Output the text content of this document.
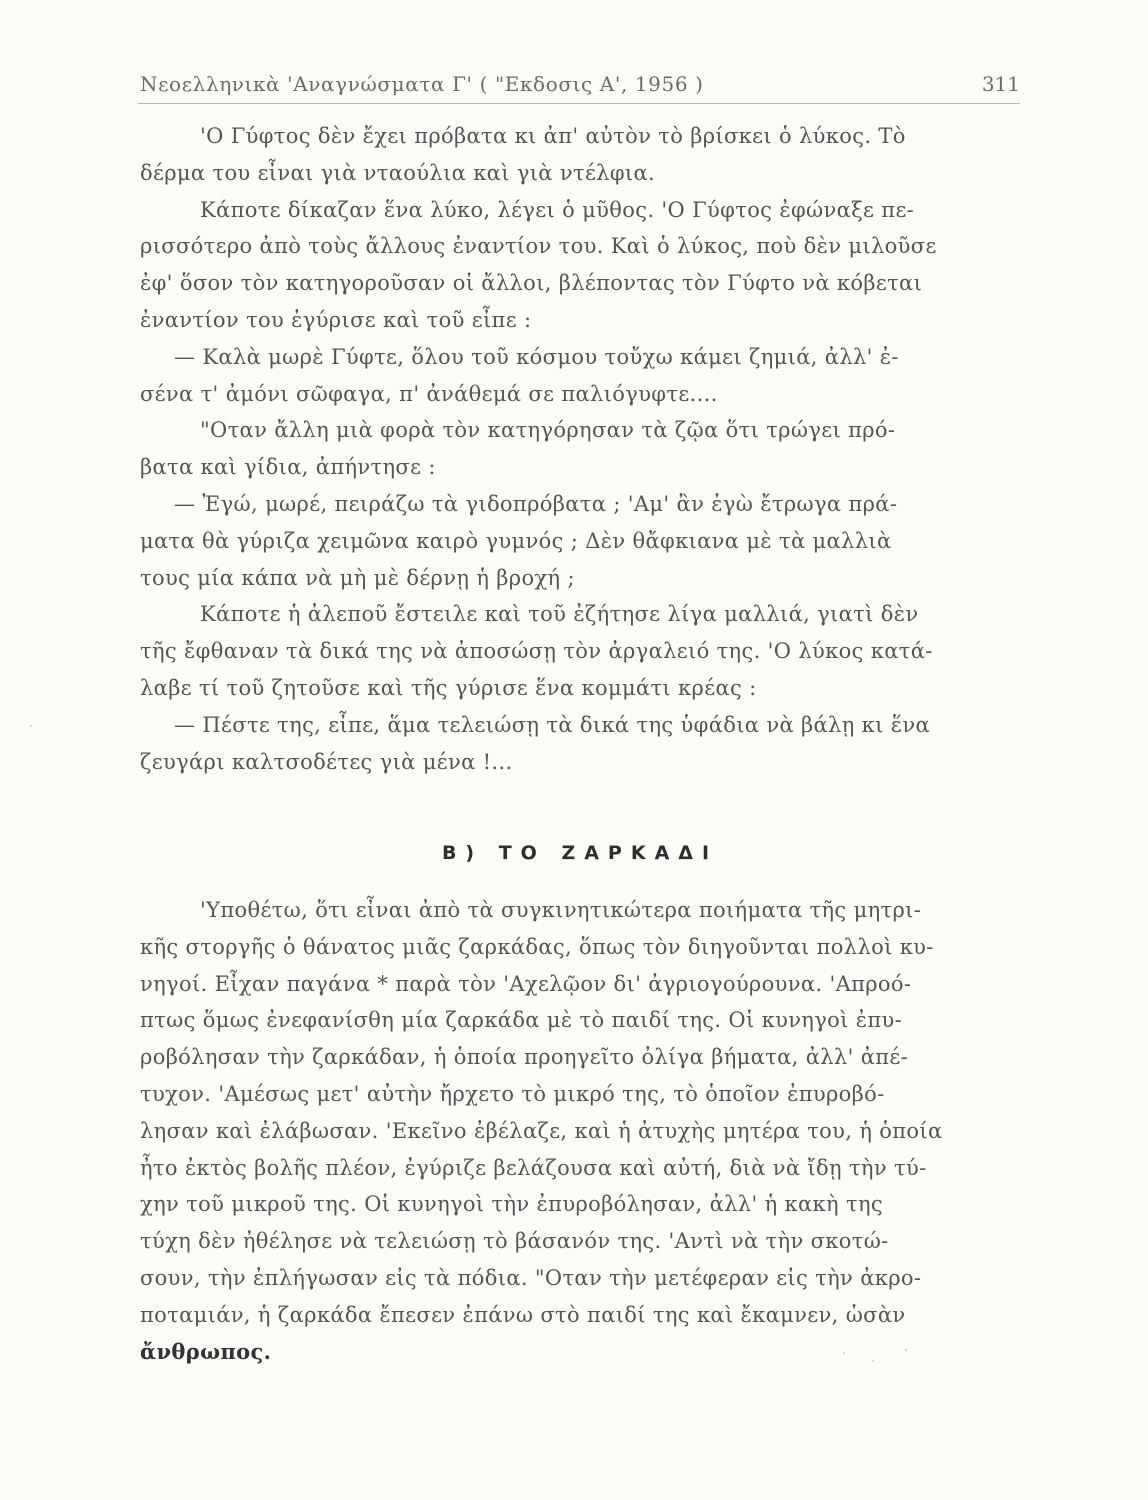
Νεοελληνικὰ 'Αναγνώσματα Γ' ( "Εκδοσις Α', 1956 )	311
'Ο Γύφτος δὲν ἔχει πρόβατα κι ἀπ' αὐτὸν τὸ βρίσκει ὁ λύκος. Τὸ
δέρμα του εἶναι γιὰ νταούλια καὶ γιὰ ντέλφια.
Κάποτε δίκαζαν ἕνα λύκο, λέγει ὁ μῦθος. 'Ο Γύφτος ἐφώναξε πε-
ρισσότερο ἀπὸ τοὺς ἄλλους ἐναντίον του. Καὶ ὁ λύκος, ποὺ δὲν μιλοῦσε
ἐφ' ὅσον τὸν κατηγοροῦσαν οἱ ἄλλοι, βλέποντας τὸν Γύφτο νὰ κόβεται
ἐναντίον του ἐγύρισε καὶ τοῦ εἶπε :
— Καλὰ μωρὲ Γύφτε, ὅλου τοῦ κόσμου τοὔχω κάμει ζημιά, ἀλλ' ἐ-
σένα τ' ἀμόνι σῶφαγα, π' ἀνάθεμά σε παλιόγυφτε....
"Οταν ἄλλη μιὰ φορὰ τὸν κατηγόρησαν τὰ ζῷα ὅτι τρώγει πρό-
βατα καὶ γίδια, ἀπήντησε :
— Ἐγώ, μωρέ, πειράζω τὰ γιδοπρόβατα ; 'Αμ' ἂν ἐγὼ ἔτρωγα πρά-
ματα θὰ γύριζα χειμῶνα καιρὸ γυμνός ; Δὲν θἄφκιανα μὲ τὰ μαλλιὰ
τους μία κάπα νὰ μὴ μὲ δέρνῃ ἡ βροχή ;
Κάποτε ἡ ἀλεποῦ ἔστειλε καὶ τοῦ ἐζήτησε λίγα μαλλιά, γιατὶ δὲν
τῆς ἔφθαναν τὰ δικά της νὰ ἀποσώσῃ τὸν ἀργαλειό της. 'Ο λύκος κατά-
λαβε τί τοῦ ζητοῦσε καὶ τῆς γύρισε ἕνα κομμάτι κρέας :
— Πέστε της, εἶπε, ἅμα τελειώσῃ τὰ δικά της ὑφάδια νὰ βάλῃ κι ἕνα
ζευγάρι καλτσοδέτες γιὰ μένα !...
Β) ΤΟ ΖΑΡΚΑΔΙ
'Υποθέτω, ὅτι εἶναι ἀπὸ τὰ συγκινητικώτερα ποιήματα τῆς μητρι-
κῆς στοργῆς ὁ θάνατος μιᾶς ζαρκάδας, ὅπως τὸν διηγοῦνται πολλοὶ κυ-
νηγοί. Εἶχαν παγάνα * παρὰ τὸν 'Αχελῷον δι' ἀγριογούρουνα. 'Απροό-
πτως ὅμως ἐνεφανίσθη μία ζαρκάδα μὲ τὸ παιδί της. Οἱ κυνηγοὶ ἐπυ-
ροβόλησαν τὴν ζαρκάδαν, ἡ ὁποία προηγεῖτο ὀλίγα βήματα, ἀλλ' ἀπέ-
τυχον. 'Αμέσως μετ' αὐτὴν ἤρχετο τὸ μικρό της, τὸ ὁποῖον ἐπυροβό-
λησαν καὶ ἐλάβωσαν. 'Εκεῖνο ἐβέλαζε, καὶ ἡ ἀτυχὴς μητέρα του, ἡ ὁποία
ἦτο ἐκτὸς βολῆς πλέον, ἐγύριζε βελάζουσα καὶ αὐτή, διὰ νὰ ἴδῃ τὴν τύ-
χην τοῦ μικροῦ της. Οἱ κυνηγοὶ τὴν ἐπυροβόλησαν, ἀλλ' ἡ κακὴ της
τύχη δὲν ἠθέλησε νὰ τελειώσῃ τὸ βάσανόν της. 'Αντὶ νὰ τὴν σκοτώ-
σουν, τὴν ἐπλήγωσαν εἰς τὰ πόδια. "Οταν τὴν μετέφεραν εἰς τὴν ἀκρο-
ποταμιάν, ἡ ζαρκάδα ἔπεσεν ἐπάνω στὸ παιδί της καὶ ἔκαμνεν, ὡσὰν
ἄνθρωπος.
